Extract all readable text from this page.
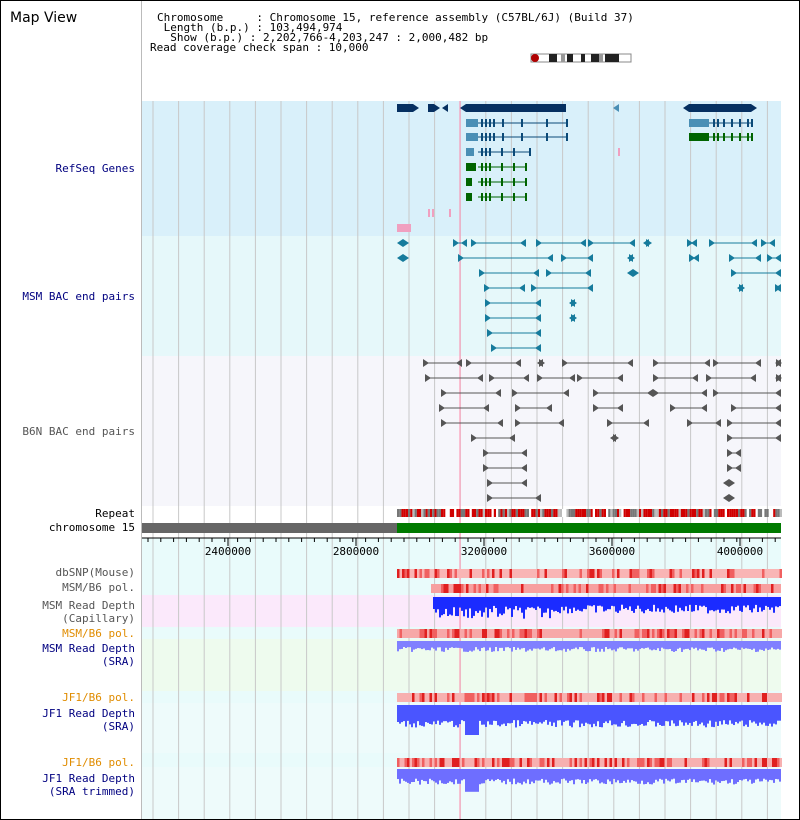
Map View	Chromosome     : Chromosome 15, reference assembly (C57BL/6J) (Build 37)
Length (b.p.) : 103,494,974
Show (b.p.) : 2,202,766-4,203,247 : 2,000,482 bp
Read coverage check span : 10,000
2400000	2800000	3200000	3600000	4000000
RefSeq Genes
MSM BAC end pairs
B6N BAC end pairs
Repeat
chromosome 15
dbSNP(Mouse)
MSM/B6 pol.
MSM Read Depth
(Capillary)
MSM/B6 pol.
MSM Read Depth
(SRA)
JF1/B6 pol.
JF1 Read Depth
(SRA)
JF1/B6 pol.
JF1 Read Depth
(SRA trimmed)
